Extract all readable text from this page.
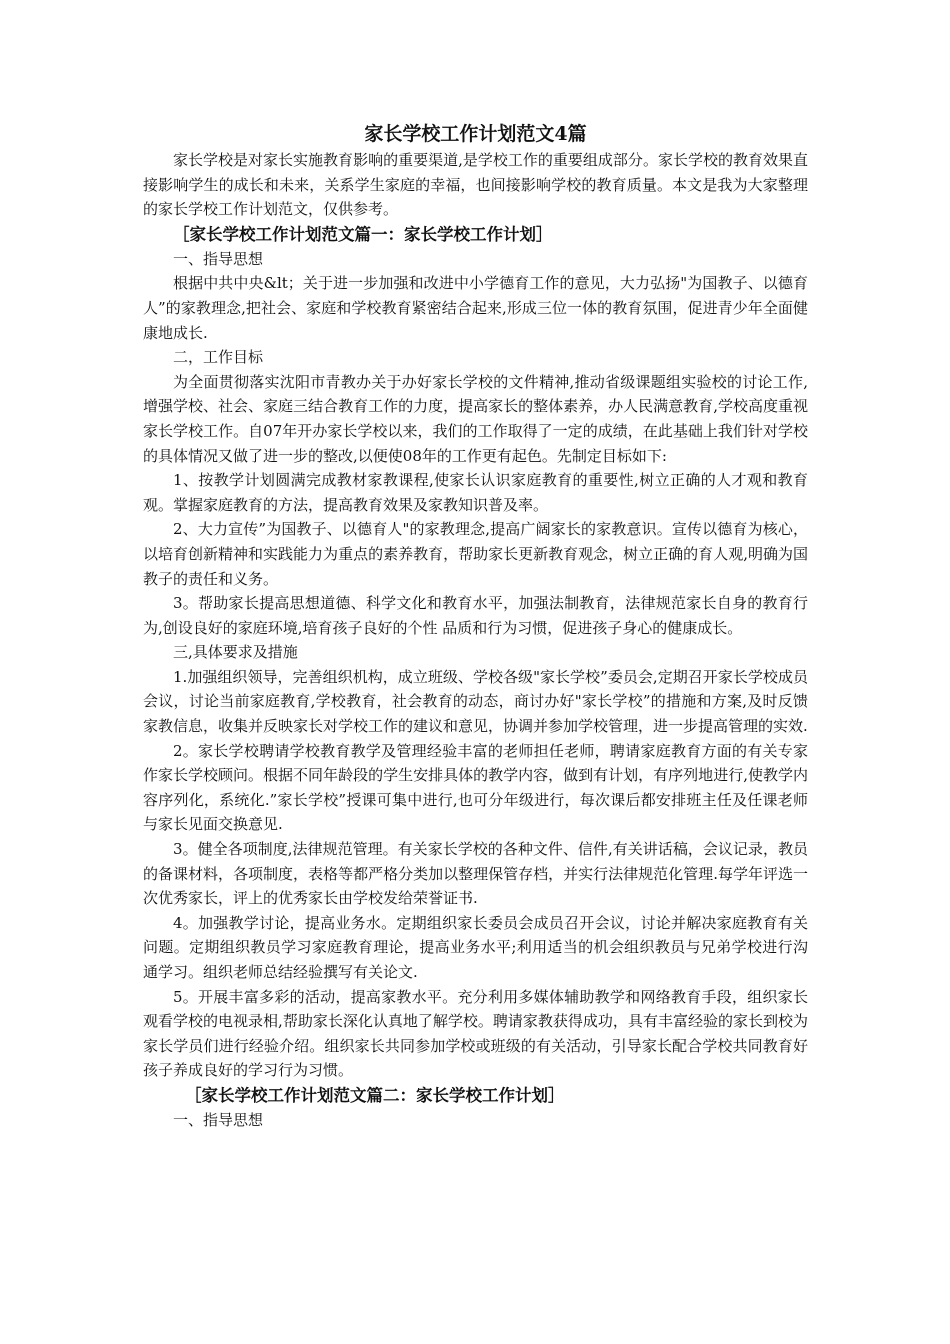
家长学校工作计划范文4篇

家长学校是对家长实施教育影响的重要渠道,是学校工作的重要组成部分。家长学校的教育效果直接影响学生的成长和未来，关系学生家庭的幸福，也间接影响学校的教育质量。本文是我为大家整理的家长学校工作计划范文，仅供参考。

［家长学校工作计划范文篇一：家长学校工作计划］

一、指导思想

根据中共中央&lt；关于进一步加强和改进中小学德育工作的意见，大力弘扬"为国教子、以德育人”的家教理念,把社会、家庭和学校教育紧密结合起来,形成三位一体的教育氛围，促进青少年全面健康地成长.

二，工作目标

为全面贯彻落实沈阳市青教办关于办好家长学校的文件精神,推动省级课题组实验校的讨论工作,增强学校、社会、家庭三结合教育工作的力度，提高家长的整体素养，办人民满意教育,学校高度重视家长学校工作。自07年开办家长学校以来，我们的工作取得了一定的成绩，在此基础上我们针对学校的具体情况又做了进一步的整改,以便使08年的工作更有起色。先制定目标如下:

1、按教学计划圆满完成教材家教课程,使家长认识家庭教育的重要性,树立正确的人才观和教育观。掌握家庭教育的方法，提高教育效果及家教知识普及率。

2、大力宣传”为国教子、以德育人"的家教理念,提高广阔家长的家教意识。宣传以德育为核心，以培育创新精神和实践能力为重点的素养教育，帮助家长更新教育观念，树立正确的育人观,明确为国教子的责任和义务。

3。帮助家长提高思想道德、科学文化和教育水平，加强法制教育，法律规范家长自身的教育行为,创设良好的家庭环境,培育孩子良好的个性 品质和行为习惯，促进孩子身心的健康成长。

三,具体要求及措施

1.加强组织领导，完善组织机构，成立班级、学校各级"家长学校”委员会,定期召开家长学校成员会议，讨论当前家庭教育,学校教育，社会教育的动态，商讨办好"家长学校”的措施和方案,及时反馈家教信息，收集并反映家长对学校工作的建议和意见，协调并参加学校管理，进一步提高管理的实效.

2。家长学校聘请学校教育教学及管理经验丰富的老师担任老师，聘请家庭教育方面的有关专家作家长学校顾问。根据不同年龄段的学生安排具体的教学内容，做到有计划，有序列地进行,使教学内容序列化，系统化.”家长学校”授课可集中进行,也可分年级进行，每次课后都安排班主任及任课老师与家长见面交换意见.

3。健全各项制度,法律规范管理。有关家长学校的各种文件、信件,有关讲话稿，会议记录，教员的备课材料，各项制度，表格等都严格分类加以整理保管存档，并实行法律规范化管理.每学年评选一次优秀家长，评上的优秀家长由学校发给荣誉证书.

4。加强教学讨论，提高业务水。定期组织家长委员会成员召开会议，讨论并解决家庭教育有关问题。定期组织教员学习家庭教育理论，提高业务水平;利用适当的机会组织教员与兄弟学校进行沟通学习。组织老师总结经验撰写有关论文.

5。开展丰富多彩的活动，提高家教水平。充分利用多媒体辅助教学和网络教育手段，组织家长观看学校的电视录相,帮助家长深化认真地了解学校。聘请家教获得成功，具有丰富经验的家长到校为家长学员们进行经验介绍。组织家长共同参加学校或班级的有关活动，引导家长配合学校共同教育好孩子养成良好的学习行为习惯。

［家长学校工作计划范文篇二：家长学校工作计划］

一、指导思想
